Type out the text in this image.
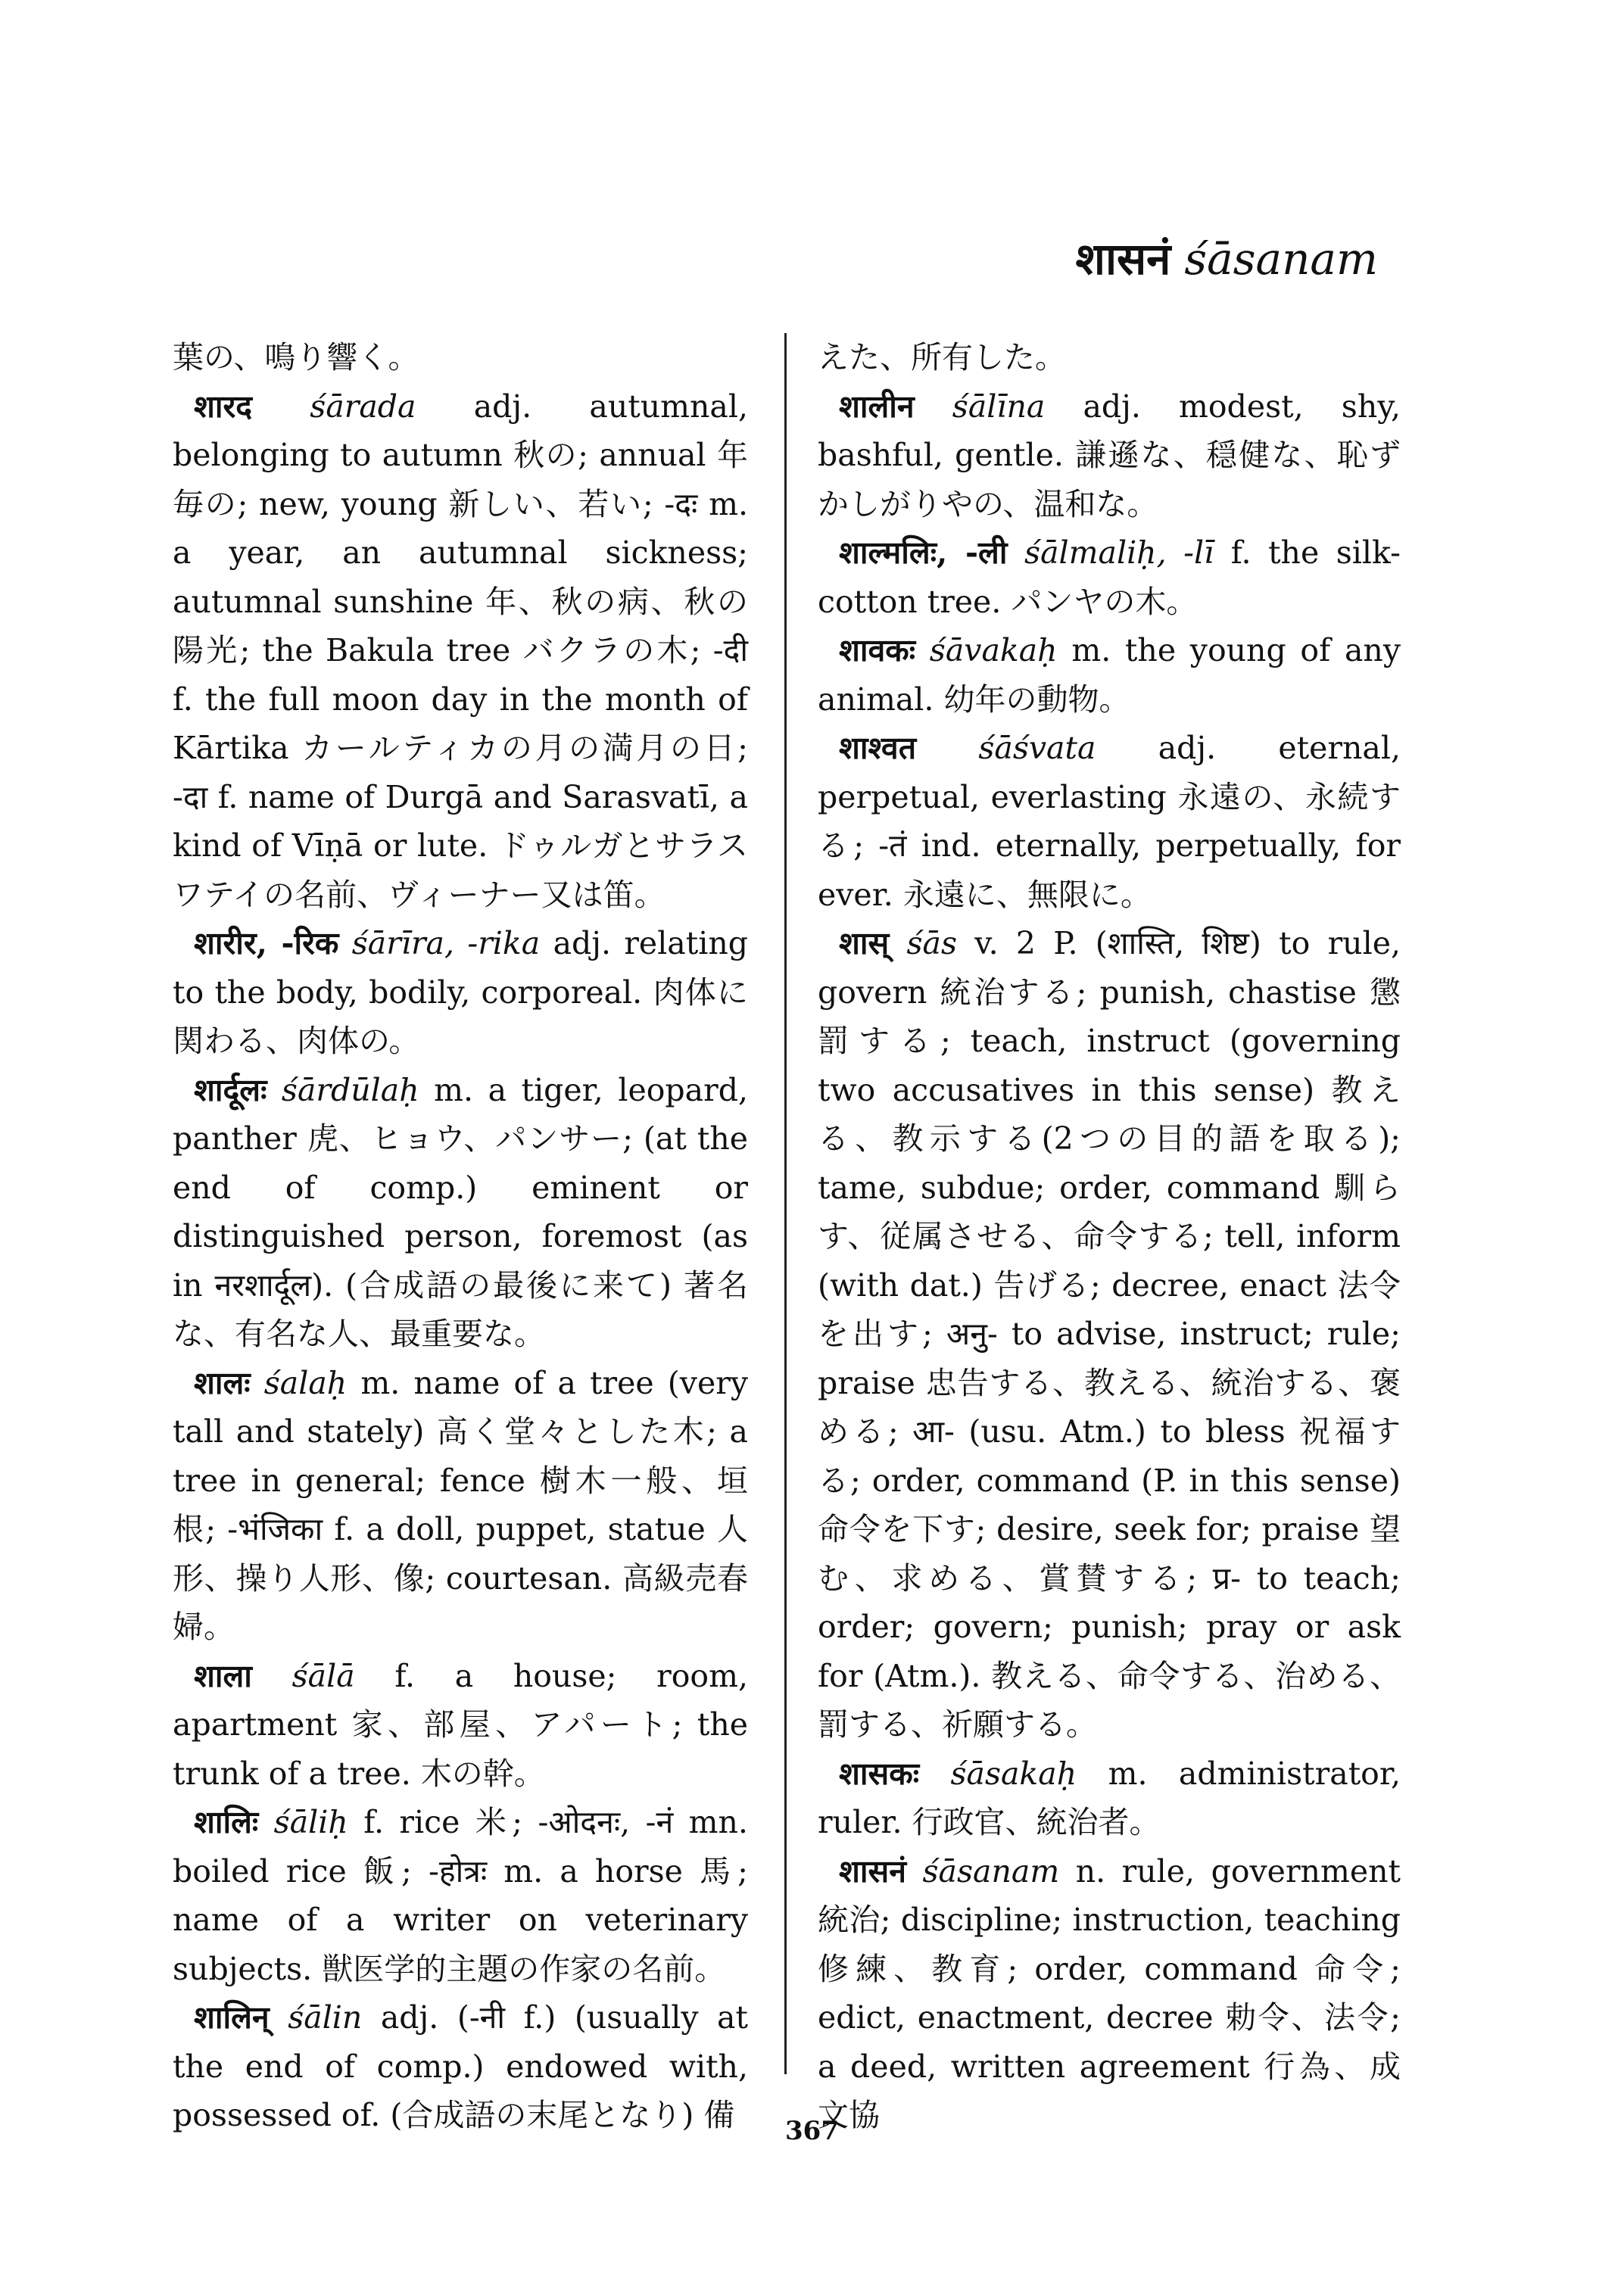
शासनं śāsanam

葉の、鳴り響く。

शारद śārada adj. autumnal, belonging to autumn 秋の; annual 年毎の; new, young 新しい、若い; -दः m. a year, an autumnal sickness; autumnal sunshine 年、秋の病、秋の陽光; the Bakula tree バクラの木; -दी f. the full moon day in the month of Kārtika カールティカの月の満月の日; -दा f. name of Durgā and Sarasvatī, a kind of Vīṇā or lute. ドゥルガとサラスワテイの名前、ヴィーナー又は笛。

शारीर, -रिक śārīra, -rika adj. relating to the body, bodily, corporeal. 肉体に関わる、肉体の。

शार्दूलः śārdūlaḥ m. a tiger, leopard, panther 虎、ヒョウ、パンサー; (at the end of comp.) eminent or distinguished person, foremost (as in नरशार्दूल). (合成語の最後に来て) 著名な、有名な人、最重要な。

शालः śalaḥ m. name of a tree (very tall and stately) 高く堂々とした木; a tree in general; fence 樹木一般、垣根; -भंजिका f. a doll, puppet, statue 人形、操り人形、像; courtesan. 高級売春婦。

शाला śālā f. a house; room, apartment 家、部屋、アパート; the trunk of a tree. 木の幹。

शालिः śāliḥ f. rice 米; -ओदनः, -नं mn. boiled rice 飯; -होत्रः m. a horse 馬; name of a writer on veterinary subjects. 獣医学的主題の作家の名前。

शालिन् śālin adj. (-नी f.) (usually at the end of comp.) endowed with, possessed of. (合成語の末尾となり) 備

えた、所有した。

शालीन śālīna adj. modest, shy, bashful, gentle. 謙遜な、穏健な、恥ずかしがりやの、温和な。

शाल्मलिः, -ली śālmaliḥ, -lī f. the silk-cotton tree. パンヤの木。

शावकः śāvakaḥ m. the young of any animal. 幼年の動物。

शाश्वत śāśvata adj. eternal, perpetual, everlasting 永遠の、永続する; -तं ind. eternally, perpetually, for ever. 永遠に、無限に。

शास् śās v. 2 P. (शास्ति, शिष्ट) to rule, govern 統治する; punish, chastise 懲罰する; teach, instruct (governing two accusatives in this sense) 教える、教示する(2つの目的語を取る); tame, subdue; order, command 馴らす、従属させる、命令する; tell, inform (with dat.) 告げる; decree, enact 法令を出す; अनु- to advise, instruct; rule; praise 忠告する、教える、統治する、褒める; आ- (usu. Atm.) to bless 祝福する; order, command (P. in this sense) 命令を下す; desire, seek for; praise 望む、求める、賞賛する; प्र- to teach; order; govern; punish; pray or ask for (Atm.). 教える、命令する、治める、罰する、祈願する。

शासकः śāsakaḥ m. administrator, ruler. 行政官、統治者。

शासनं śāsanam n. rule, government 統治; discipline; instruction, teaching 修練、教育; order, command 命令; edict, enactment, decree 勅令、法令; a deed, written agreement 行為、成文協

367
